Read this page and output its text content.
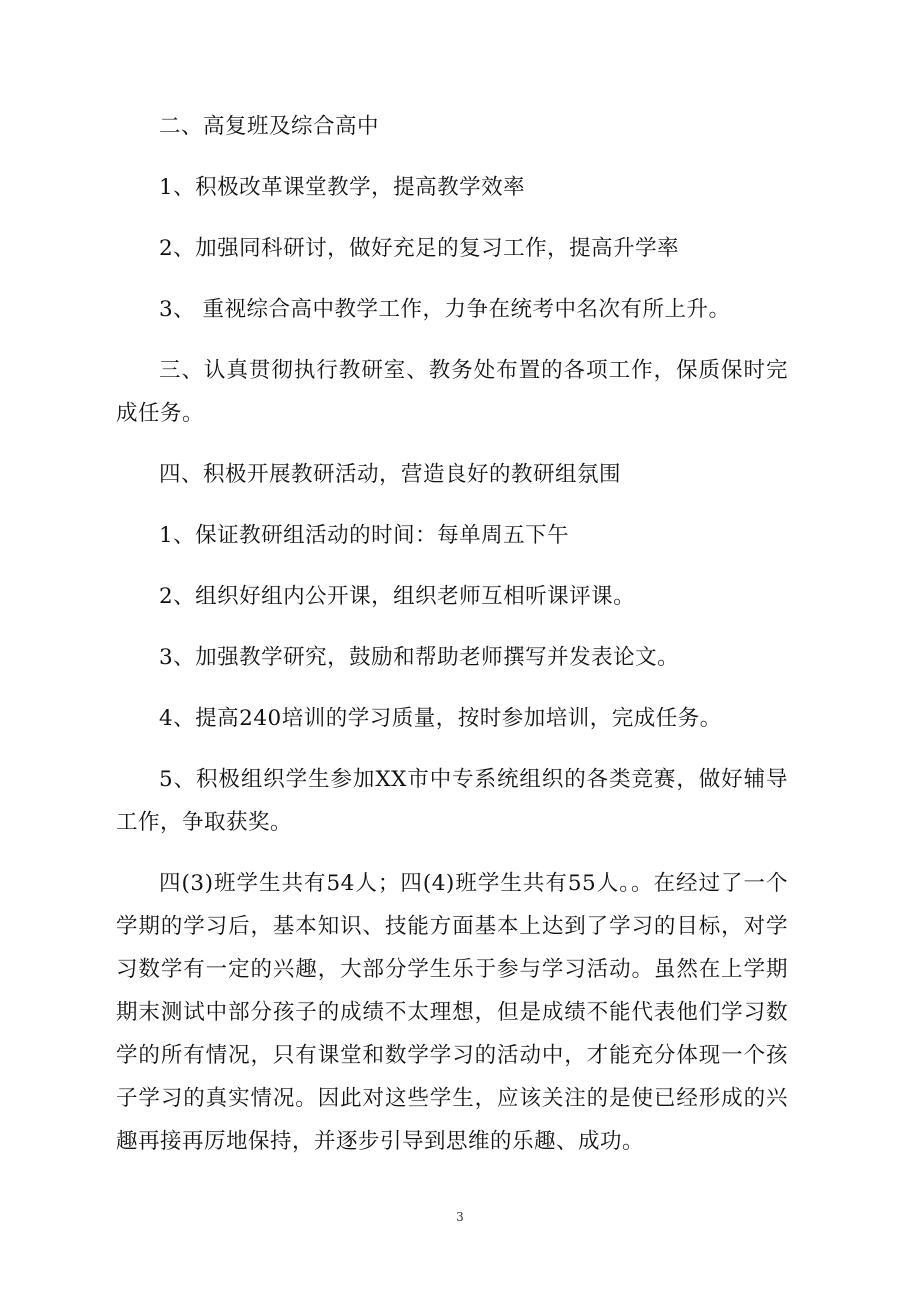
二、高复班及综合高中

1、积极改革课堂教学，提高教学效率

2、加强同科研讨，做好充足的复习工作，提高升学率

3、 重视综合高中教学工作，力争在统考中名次有所上升。

三、认真贯彻执行教研室、教务处布置的各项工作，保质保时完成任务。

四、积极开展教研活动，营造良好的教研组氛围

1、保证教研组活动的时间：每单周五下午

2、组织好组内公开课，组织老师互相听课评课。

3、加强教学研究，鼓励和帮助老师撰写并发表论文。

4、提高240培训的学习质量，按时参加培训，完成任务。

5、积极组织学生参加XX市中专系统组织的各类竞赛，做好辅导工作，争取获奖。

四(3)班学生共有54人；四(4)班学生共有55人。。在经过了一个学期的学习后，基本知识、技能方面基本上达到了学习的目标，对学习数学有一定的兴趣，大部分学生乐于参与学习活动。虽然在上学期期末测试中部分孩子的成绩不太理想，但是成绩不能代表他们学习数学的所有情况，只有课堂和数学学习的活动中，才能充分体现一个孩子学习的真实情况。因此对这些学生，应该关注的是使已经形成的兴趣再接再厉地保持，并逐步引导到思维的乐趣、成功。

3
